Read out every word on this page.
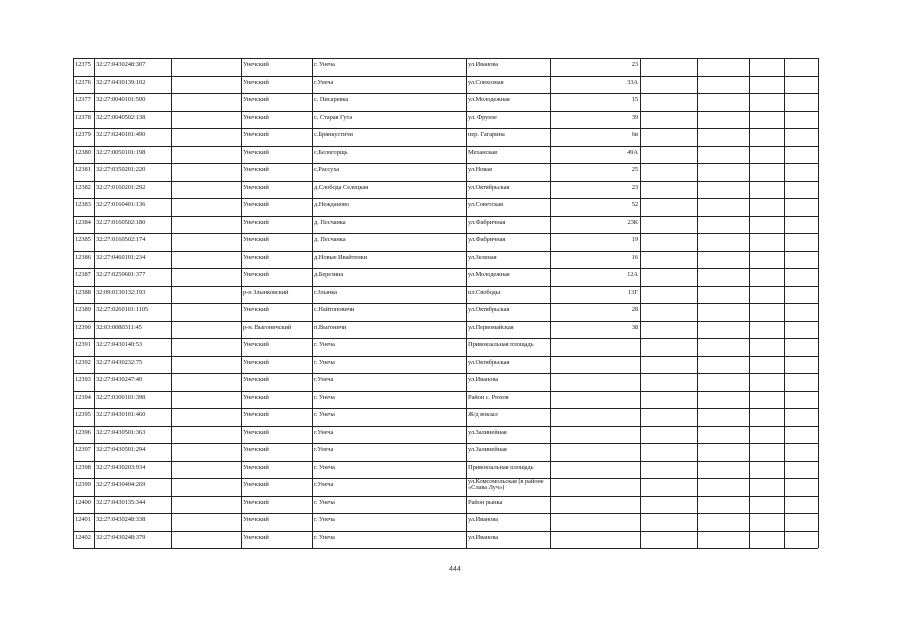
12375 32:27:0430248:307	Унечский	г. Унеча	ул.Иванова	23
12376 32:27:0430139:102	Унечский	г.Унеча	ул.Совхозная	33А
12377 32:27:0040101:500	Унечский	с. Писаревка	ул.Молодежная	15
12378 32:27:0040502:138	Унечский	с. Старая Гута	ул. Фрунзе	39
12379 32:27:0240101:490	Унечский	с.Брянкустичи	пер. Гагарина	6в
12380 32:27:0050101:198	Унечский	с.Белогорщь	Механская	49А
12381 32:27:0350201:220	Унечский	с.Рассуха	ул.Новая	25
12382 32:27:0160201:292	Унечский	д.Слобода Селецкая	ул.Октябрьская	23
12383 32:27:0160401:136	Унечский	д.Нежданово	ул.Советская	52
12384 32:27:0160502:180	Унечский	д. Песчанка	ул.Фабричная	23К
12385 32:27:0160502:174	Унечский	д. Песчанка	ул.Фабричная	19
12386 32:27:0460101:234	Унечский	д.Новые Ивайтенки	ул.Зеленая	16
12387 32:27:0250601:377	Унечский	д.Березина	ул.Молодежная	12А
12388 32:09:0130132:193	р-н Злынковский	г.Злынка	пл.Свободы	13Г
12389 32:27:0260101:1105	Унечский	с.Найтоповичи	ул.Октябрьская	28
12390 32:03:0080311:45	р-н. Выгоничский	п.Выгоничи	ул.Первомайская	38
12391 32:27:0430140:53	Унечский	г. Унеча	Привокзальная площадь
12392 32:27:0430232:75	Унечский	г. Унеча	ул.Октябрьская
12393 32:27:0430247:40	Унечский	г.Унеча	ул.Иванова
12394 32:27:0300101:398	Унечский	г. Унеча	Район с. Рюхов
12395 32:27:0430101:460	Унечский	г. Унеча	Ж/д вокзал
12396 32:27:0430501:363	Унечский	г.Унеча	ул.Залинейная
12397 32:27:0430501:294	Унечский	г.Унеча	ул.Залинейная
12398 32:27:0430203:934	Унечский	г. Унеча	Привокзальная площадь
12399 32:27:0430404:269	Унечский	г.Унеча	ул.Комсомольская (в районе «Слава Луч»)
12400 32:27:0430135:344	Унечский	г. Унеча	Район рынка
12401 32:27:0430248:338	Унечский	г. Унеча	ул.Иванова
12402 32:27:0430248:379	Унечский	г. Унеча	ул.Иванова
444
